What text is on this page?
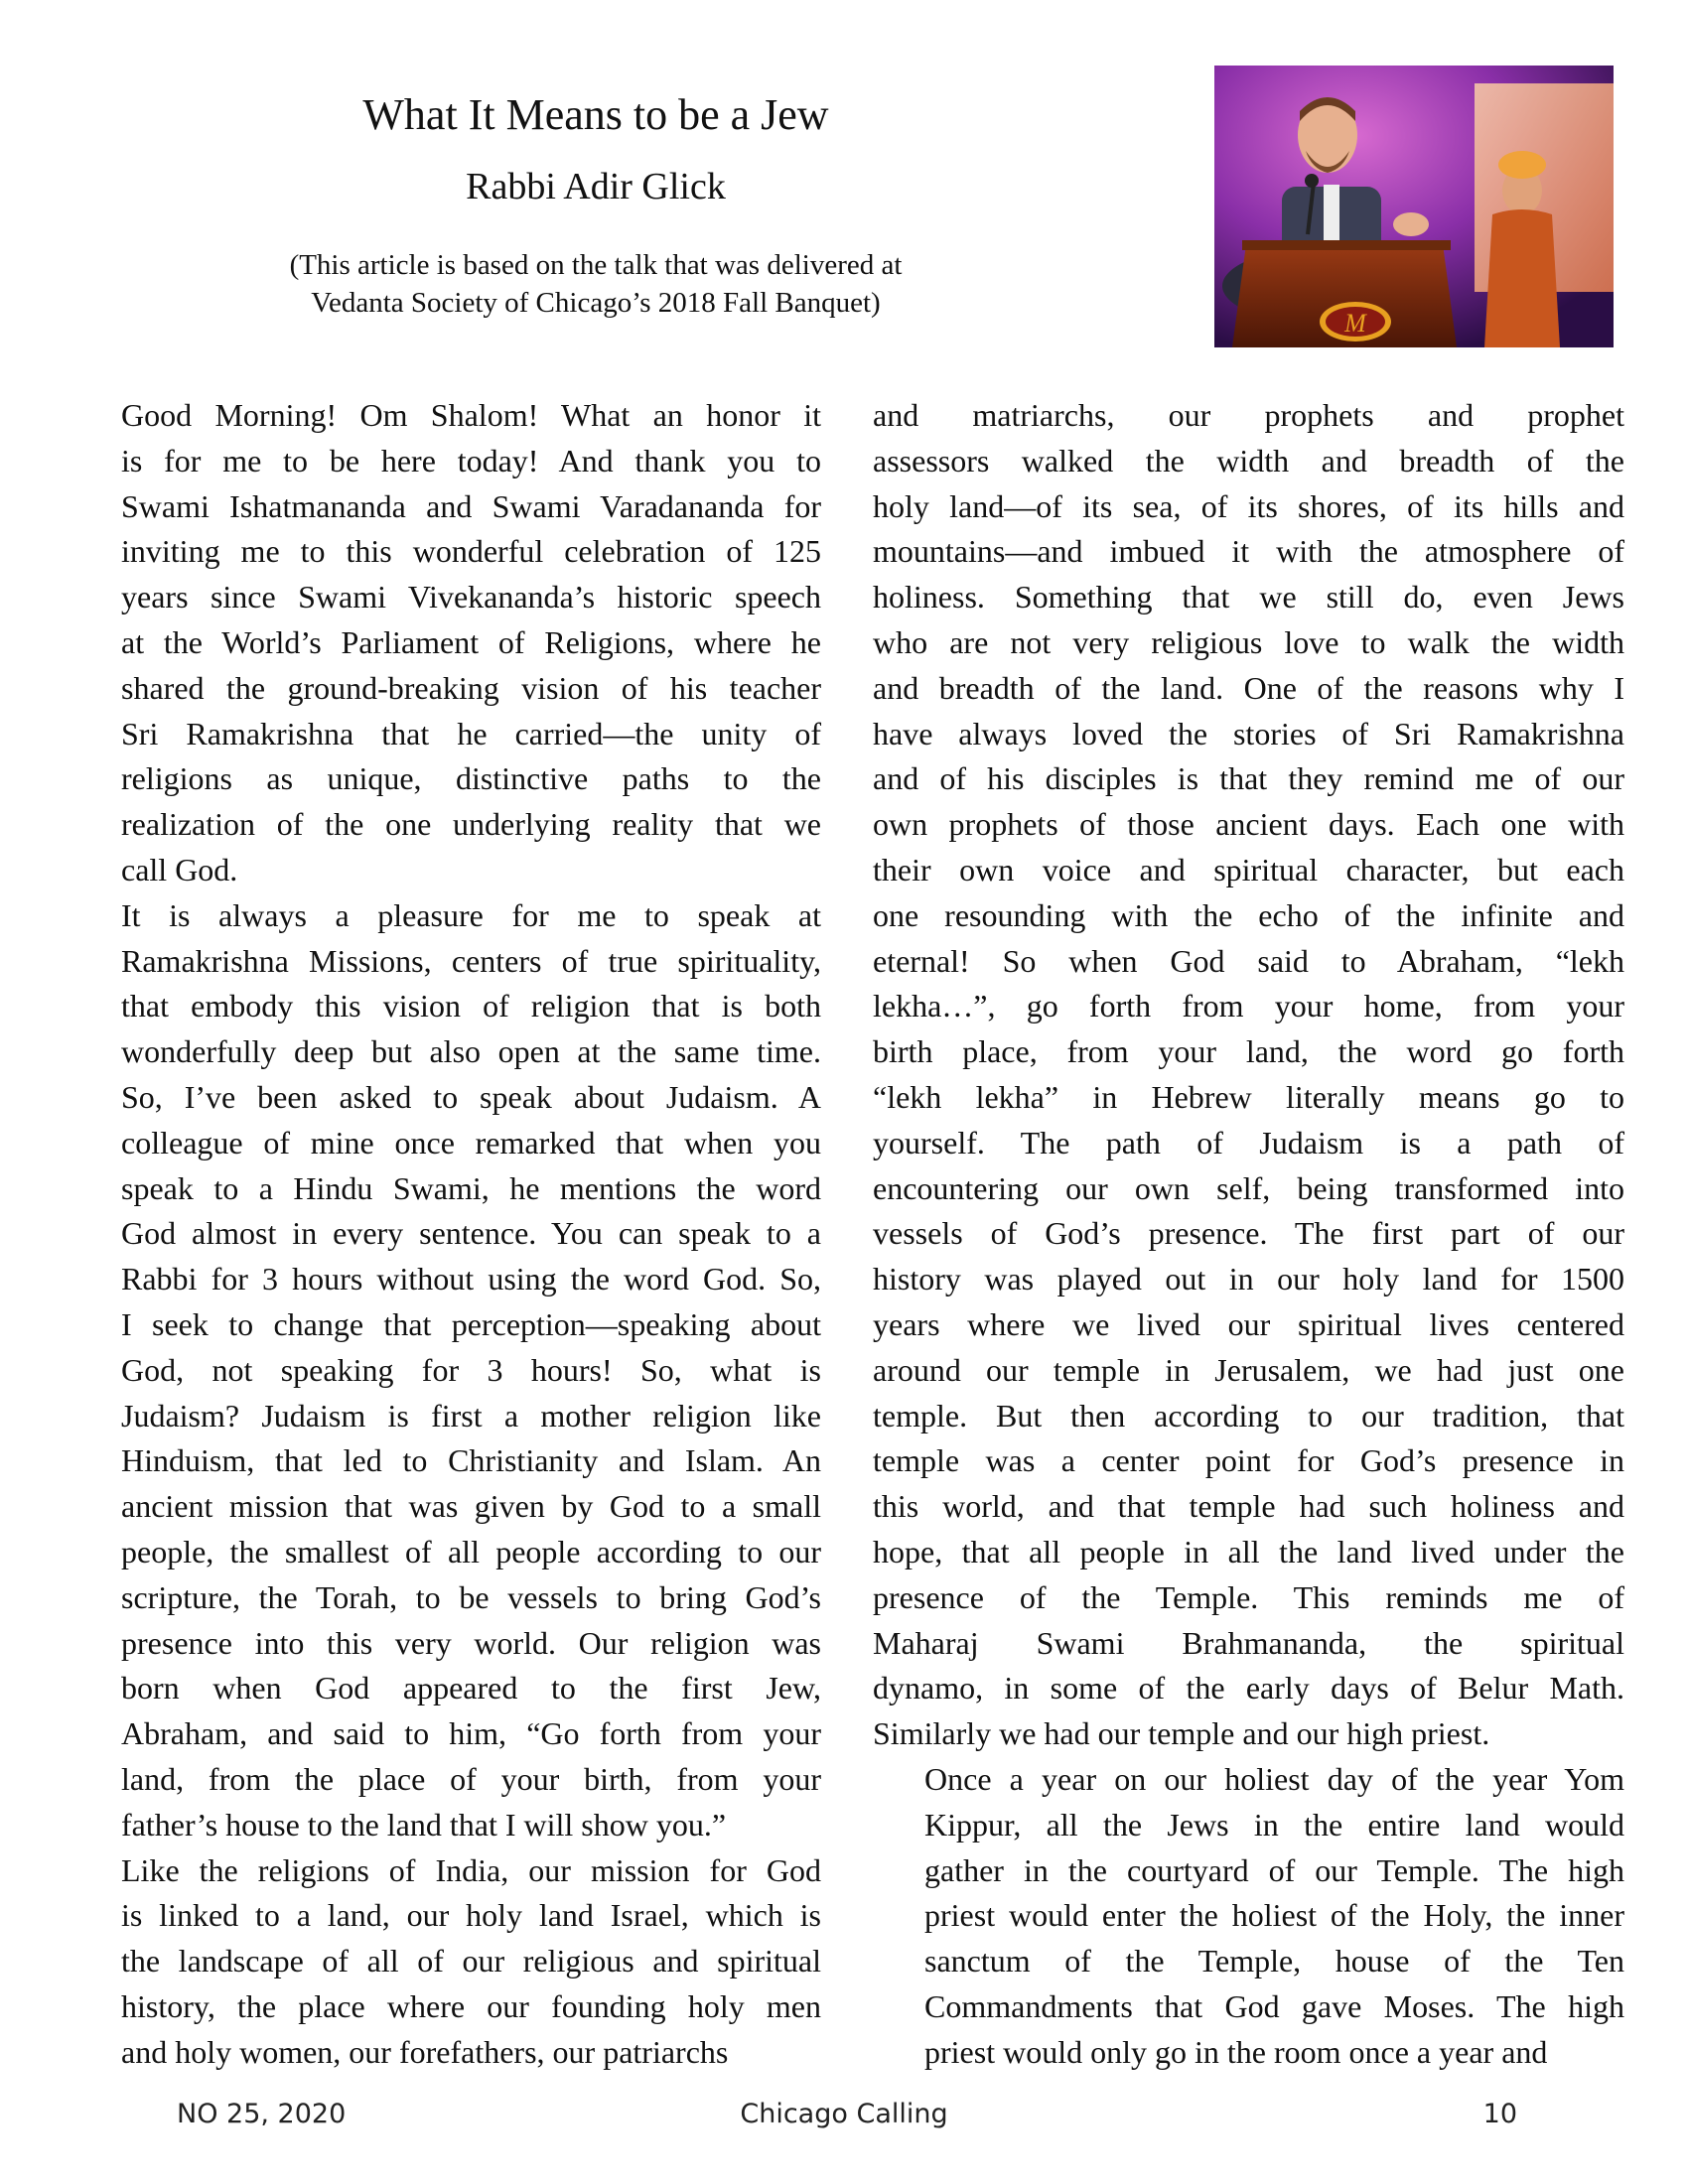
What It Means to be a Jew
Rabbi Adir Glick
(This article is based on the talk that was delivered at
Vedanta Society of Chicago’s 2018 Fall Banquet)
M

Good Morning! Om Shalom! What an honor it
is for me to be here today! And thank you to
Swami Ishatmananda and Swami Varadananda for
inviting me to this wonderful celebration of 125
years since Swami Vivekananda’s historic speech
at the World’s Parliament of Religions, where he
shared the ground-breaking vision of his teacher
Sri Ramakrishna that he carried—the unity of
religions as unique, distinctive paths to the
realization of the one underlying reality that we
call God.

It is always a pleasure for me to speak at
Ramakrishna Missions, centers of true spirituality,
that embody this vision of religion that is both
wonderfully deep but also open at the same time.
So, I’ve been asked to speak about Judaism. A
colleague of mine once remarked that when you
speak to a Hindu Swami, he mentions the word
God almost in every sentence. You can speak to a
Rabbi for 3 hours without using the word God. So,
I seek to change that perception—speaking about
God, not speaking for 3 hours! So, what is
Judaism? Judaism is first a mother religion like
Hinduism, that led to Christianity and Islam. An
ancient mission that was given by God to a small
people, the smallest of all people according to our
scripture, the Torah, to be vessels to bring God’s
presence into this very world. Our religion was
born when God appeared to the first Jew,
Abraham, and said to him, “Go forth from your
land, from the place of your birth, from your
father’s house to the land that I will show you.”

Like the religions of India, our mission for God
is linked to a land, our holy land Israel, which is
the landscape of all of our religious and spiritual
history, the place where our founding holy men
and holy women, our forefathers, our patriarchs

and matriarchs, our prophets and prophet
assessors walked the width and breadth of the
holy land—of its sea, of its shores, of its hills and
mountains—and imbued it with the atmosphere of
holiness. Something that we still do, even Jews
who are not very religious love to walk the width
and breadth of the land. One of the reasons why I
have always loved the stories of Sri Ramakrishna
and of his disciples is that they remind me of our
own prophets of those ancient days. Each one with
their own voice and spiritual character, but each
one resounding with the echo of the infinite and
eternal! So when God said to Abraham, “lekh
lekha…”, go forth from your home, from your
birth place, from your land, the word go forth
“lekh lekha” in Hebrew literally means go to
yourself. The path of Judaism is a path of
encountering our own self, being transformed into
vessels of God’s presence. The first part of our
history was played out in our holy land for 1500
years where we lived our spiritual lives centered
around our temple in Jerusalem, we had just one
temple. But then according to our tradition, that
temple was a center point for God’s presence in
this world, and that temple had such holiness and
hope, that all people in all the land lived under the
presence of the Temple. This reminds me of
Maharaj Swami Brahmananda, the spiritual
dynamo, in some of the early days of Belur Math.
Similarly we had our temple and our high priest.

Once a year on our holiest day of the year Yom
Kippur, all the Jews in the entire land would
gather in the courtyard of our Temple. The high
priest would enter the holiest of the Holy, the inner
sanctum of the Temple, house of the Ten
Commandments that God gave Moses. The high
priest would only go in the room once a year and

NO 25, 2020	Chicago Calling	10
